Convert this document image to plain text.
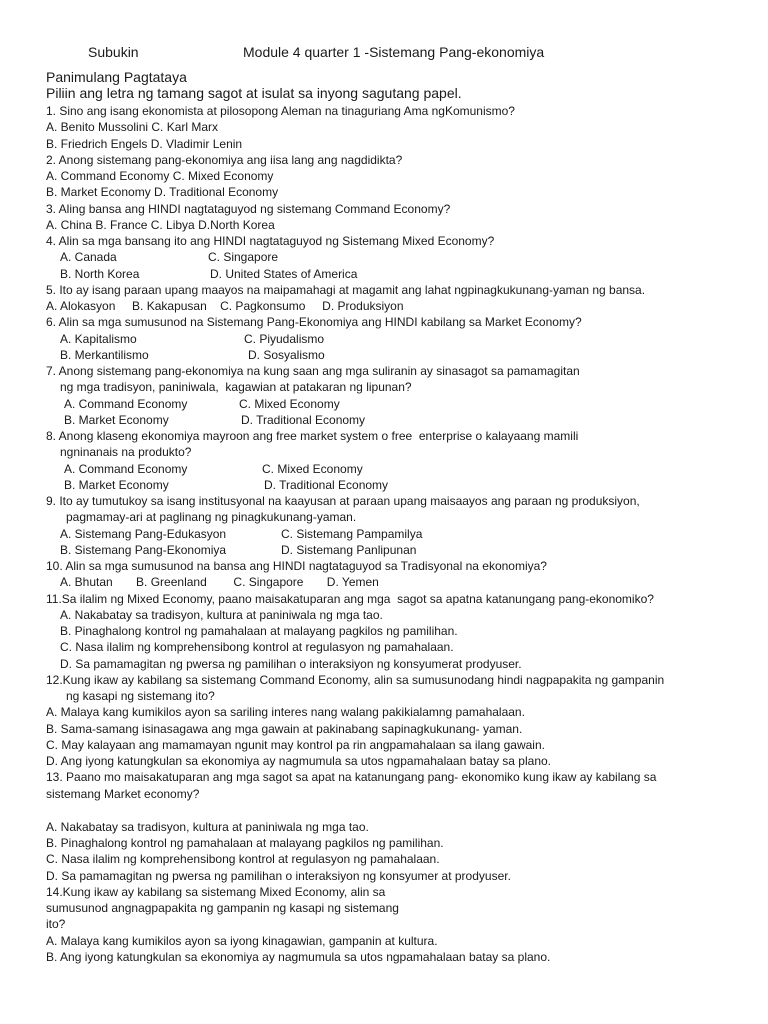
Subukin	Module 4 quarter 1 -Sistemang Pang-ekonomiya
Panimulang Pagtataya
Piliin ang letra ng tamang sagot at isulat sa inyong sagutang papel.
1. Sino ang isang ekonomista at pilosopong Aleman na tinaguriang Ama ngKomunismo?
A. Benito Mussolini C. Karl Marx
B. Friedrich Engels D. Vladimir Lenin
2. Anong sistemang pang-ekonomiya ang iisa lang ang nagdidikta?
A. Command Economy C. Mixed Economy
B. Market Economy D. Traditional Economy
3. Aling bansa ang HINDI nagtataguyod ng sistemang Command Economy?
A. China B. France C. Libya D.North Korea
4. Alin sa mga bansang ito ang HINDI nagtataguyod ng Sistemang Mixed Economy?
A. Canada	C. Singapore
B. North Korea	D. United States of America
5. Ito ay isang paraan upang maayos na maipamahagi at magamit ang lahat ngpinagkukunang-yaman ng bansa.
A. Alokasyon     B. Kakapusan    C. Pagkonsumo     D. Produksiyon
6. Alin sa mga sumusunod na Sistemang Pang-Ekonomiya ang HINDI kabilang sa Market Economy?
A. Kapitalismo	C. Piyudalismo
B. Merkantilismo	D. Sosyalismo
7. Anong sistemang pang-ekonomiya na kung saan ang mga suliranin ay sinasagot sa pamamagitan
ng mga tradisyon, paniniwala,  kagawian at patakaran ng lipunan?
A. Command Economy	C. Mixed Economy
B. Market Economy	D. Traditional Economy
8. Anong klaseng ekonomiya mayroon ang free market system o free  enterprise o kalayaang mamili
ngninanais na produkto?
A. Command Economy	C. Mixed Economy
B. Market Economy	D. Traditional Economy
9. Ito ay tumutukoy sa isang institusyonal na kaayusan at paraan upang maisaayos ang paraan ng produksiyon,
pagmamay-ari at paglinang ng pinagkukunang-yaman.
A. Sistemang Pang-Edukasyon	C. Sistemang Pampamilya
B. Sistemang Pang-Ekonomiya	D. Sistemang Panlipunan
10. Alin sa mga sumusunod na bansa ang HINDI nagtataguyod sa Tradisyonal na ekonomiya?
A. Bhutan       B. Greenland        C. Singapore       D. Yemen
11.Sa ilalim ng Mixed Economy, paano maisakatuparan ang mga  sagot sa apatna katanungang pang-ekonomiko?
A. Nakabatay sa tradisyon, kultura at paniniwala ng mga tao.
B. Pinaghalong kontrol ng pamahalaan at malayang pagkilos ng pamilihan.
C. Nasa ilalim ng komprehensibong kontrol at regulasyon ng pamahalaan.
D. Sa pamamagitan ng pwersa ng pamilihan o interaksiyon ng konsyumerat prodyuser.
12.Kung ikaw ay kabilang sa sistemang Command Economy, alin sa sumusunodang hindi nagpapakita ng gampanin
ng kasapi ng sistemang ito?
A. Malaya kang kumikilos ayon sa sariling interes nang walang pakikialamng pamahalaan.
B. Sama-samang isinasagawa ang mga gawain at pakinabang sapinagkukunang- yaman.
C. May kalayaan ang mamamayan ngunit may kontrol pa rin angpamahalaan sa ilang gawain.
D. Ang iyong katungkulan sa ekonomiya ay nagmumula sa utos ngpamahalaan batay sa plano.
13. Paano mo maisakatuparan ang mga sagot sa apat na katanungang pang- ekonomiko kung ikaw ay kabilang sa
sistemang Market economy?
A. Nakabatay sa tradisyon, kultura at paniniwala ng mga tao.
B. Pinaghalong kontrol ng pamahalaan at malayang pagkilos ng pamilihan.
C. Nasa ilalim ng komprehensibong kontrol at regulasyon ng pamahalaan.
D. Sa pamamagitan ng pwersa ng pamilihan o interaksiyon ng konsyumer at prodyuser.
14.Kung ikaw ay kabilang sa sistemang Mixed Economy, alin sa
sumusunod angnagpapakita ng gampanin ng kasapi ng sistemang
ito?
A. Malaya kang kumikilos ayon sa iyong kinagawian, gampanin at kultura.
B. Ang iyong katungkulan sa ekonomiya ay nagmumula sa utos ngpamahalaan batay sa plano.
